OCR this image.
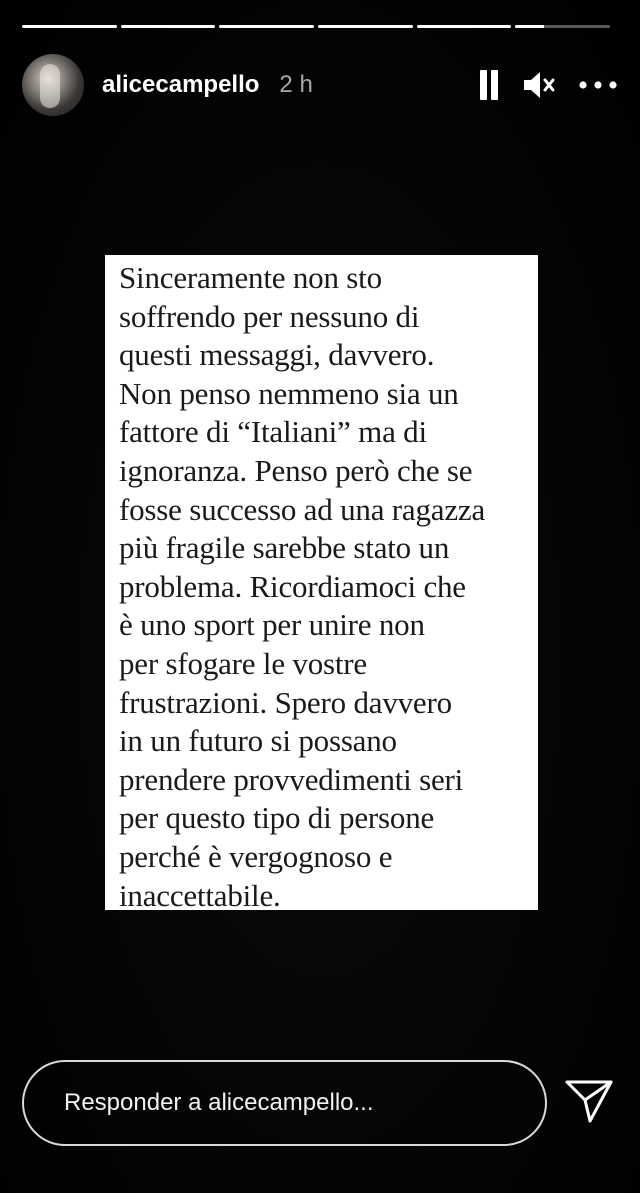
alicecampello 2 h

Sinceramente non sto
soffrendo per nessuno di
questi messaggi, davvero.
Non penso nemmeno sia un
fattore di “Italiani” ma di
ignoranza. Penso però che se
fosse successo ad una ragazza
più fragile sarebbe stato un
problema. Ricordiamoci che
è uno sport per unire non
per sfogare le vostre
frustrazioni. Spero davvero
in un futuro si possano
prendere provvedimenti seri
per questo tipo di persone
perché è vergognoso e
inaccettabile.

Responder a alicecampello...
